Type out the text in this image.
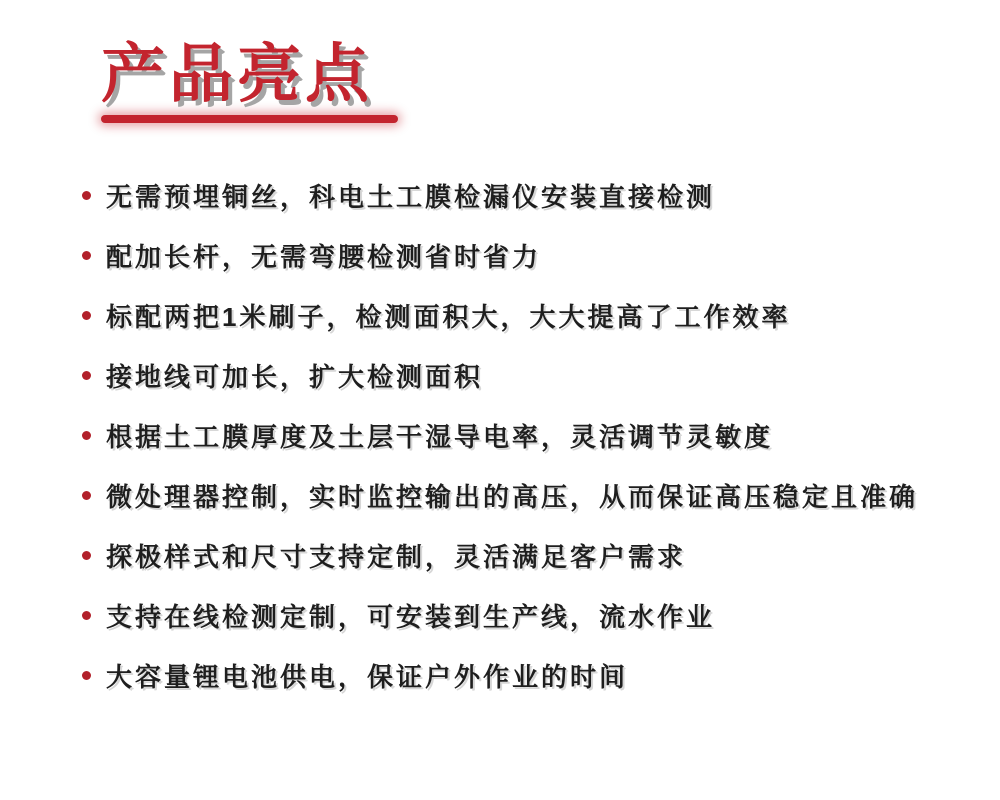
产品亮点
无需预埋铜丝，科电土工膜检漏仪安装直接检测
配加长杆，无需弯腰检测省时省力
标配两把1米刷子，检测面积大，大大提高了工作效率
接地线可加长，扩大检测面积
根据土工膜厚度及土层干湿导电率，灵活调节灵敏度
微处理器控制，实时监控输出的高压，从而保证高压稳定且准确
探极样式和尺寸支持定制，灵活满足客户需求
支持在线检测定制，可安装到生产线，流水作业
大容量锂电池供电，保证户外作业的时间
